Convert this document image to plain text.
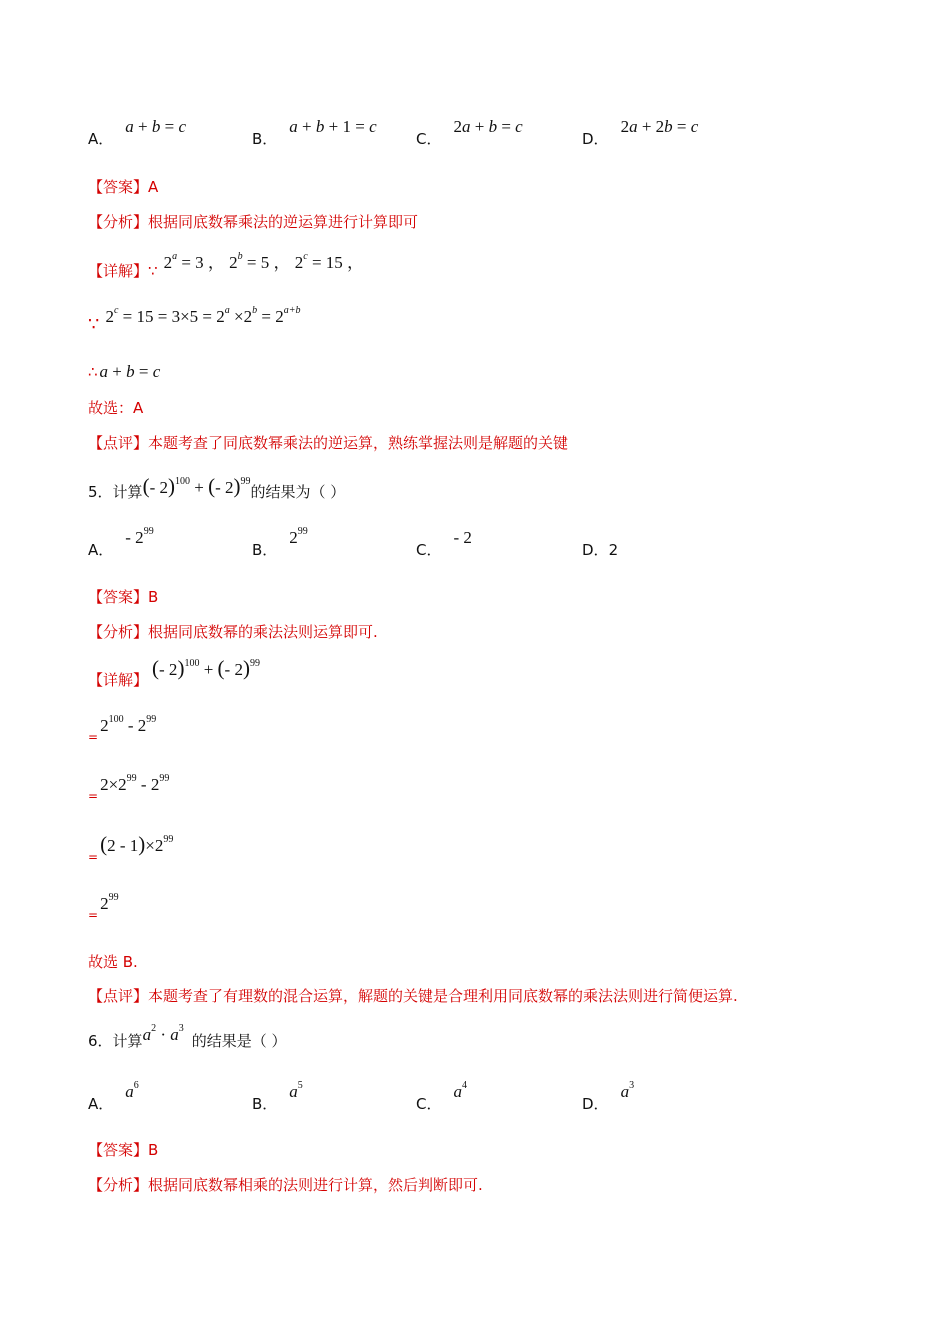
A．a + b = c
B．a + b + 1 = c
C．2a + b = c
D．2a + 2b = c
【答案】A
【分析】根据同底数幂乘法的逆运算进行计算即可
【详解】∵ $2^a = 3$ ， $2^b = 5$ ， $2^c = 15$ ，
∵ $2^c = 15 = 3\times 5 = 2^a \times 2^b = 2^{a+b}$
∴ a + b = c
故选：A
【点评】本题考查了同底数幂乘法的逆运算，熟练掌握法则是解题的关键
5．计算(- 2)$^{100}$ + (- 2)$^{99}$的结果为（ ）
A．- $2^{99}$
B．$2^{99}$
C．- 2
D．2
【答案】B
【分析】根据同底数幂的乘法法则运算即可.
【详解】 (- 2)$^{100}$ + (- 2)$^{99}$
$_=2^{100} - 2^{99}$
$_=2\times 2^{99} - 2^{99}$
$_=(2 - 1)\times 2^{99}$
$_=2^{99}$
故选 B.
【点评】本题考查了有理数的混合运算，解题的关键是合理利用同底数幂的乘法法则进行简便运算.
6．计算$a^2 \cdot a^3$的结果是（ ）
A．$a^6$
B．$a^5$
C．$a^4$
D．$a^3$
【答案】B
【分析】根据同底数幂相乘的法则进行计算，然后判断即可.
